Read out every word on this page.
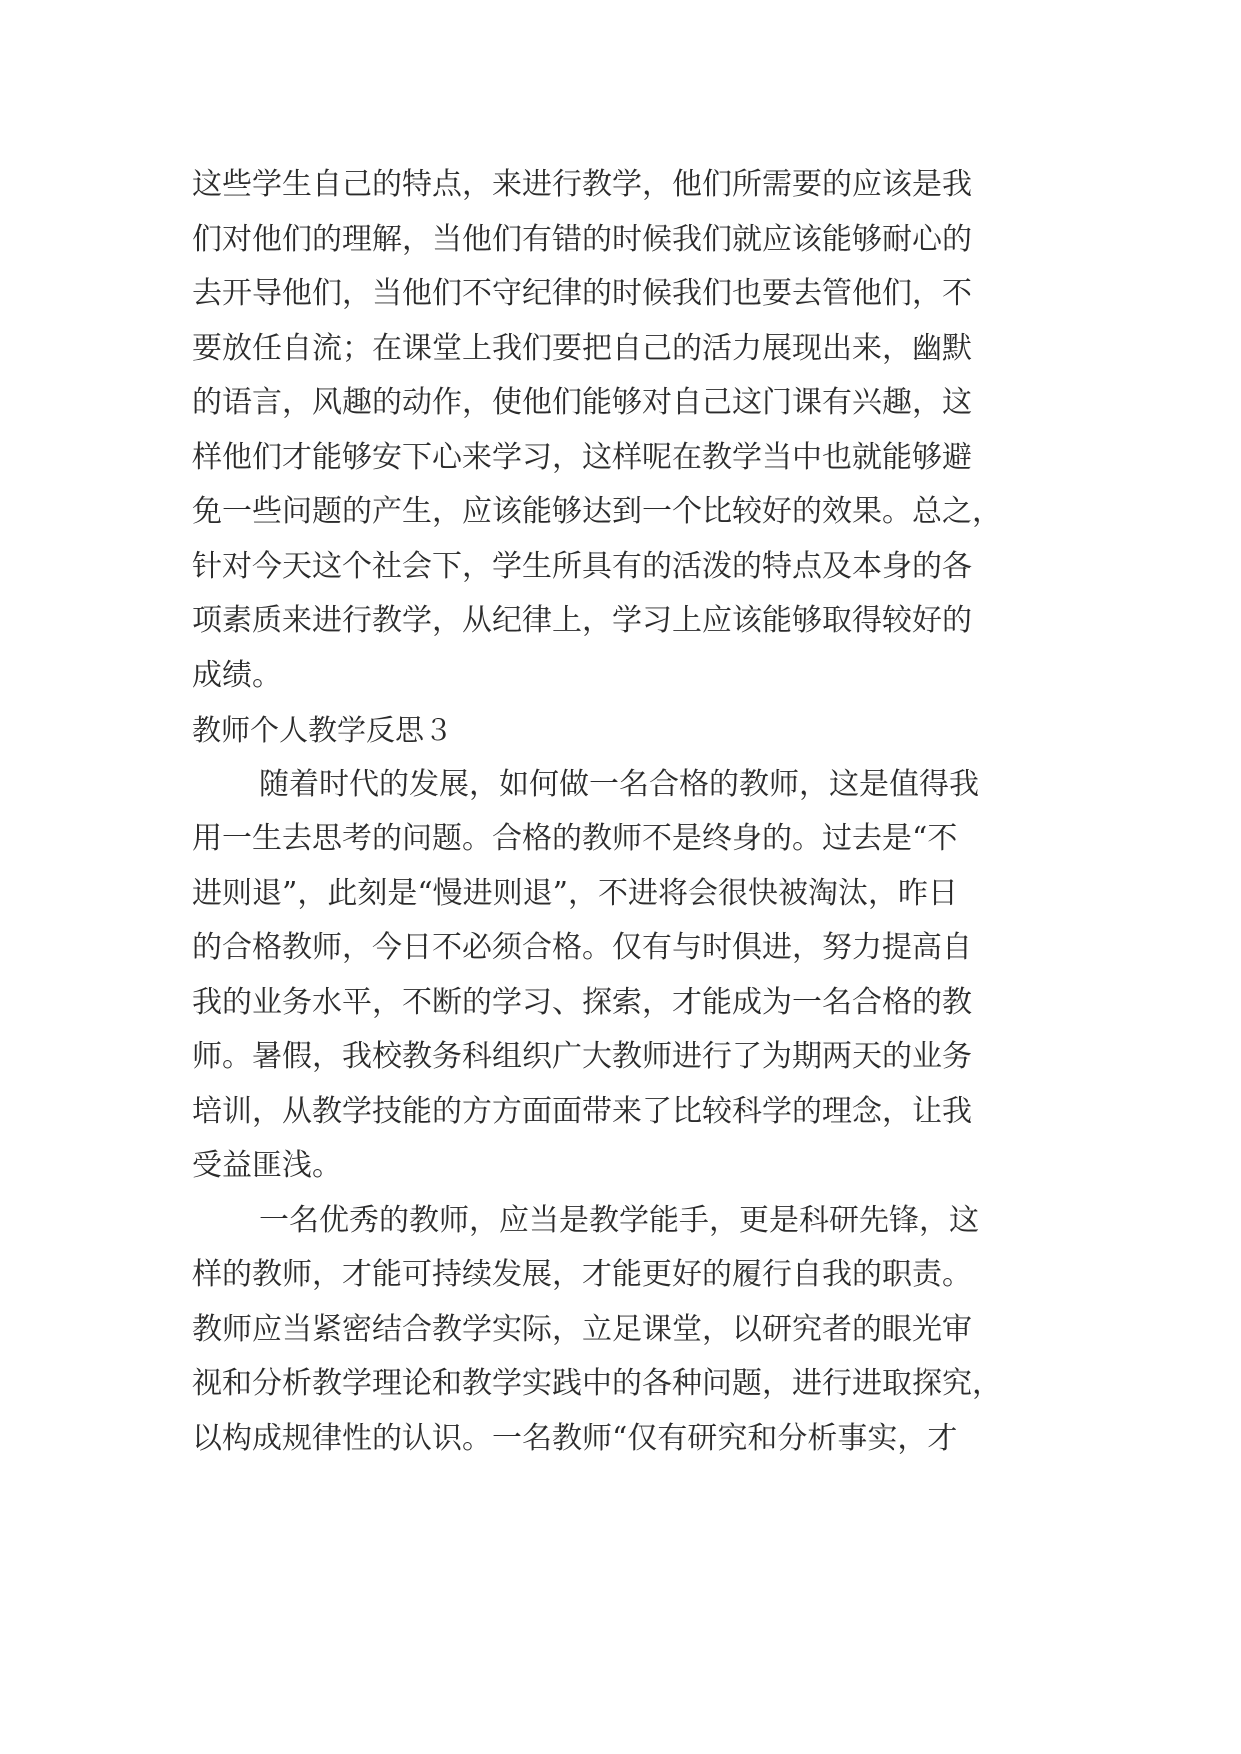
这些学生自己的特点，来进行教学，他们所需要的应该是我
们对他们的理解，当他们有错的时候我们就应该能够耐心的
去开导他们，当他们不守纪律的时候我们也要去管他们，不
要放任自流；在课堂上我们要把自己的活力展现出来，幽默
的语言，风趣的动作，使他们能够对自己这门课有兴趣，这
样他们才能够安下心来学习，这样呢在教学当中也就能够避
免一些问题的产生，应该能够达到一个比较好的效果。总之，
针对今天这个社会下，学生所具有的活泼的特点及本身的各
项素质来进行教学，从纪律上，学习上应该能够取得较好的
成绩。
教师个人教学反思３
随着时代的发展，如何做一名合格的教师，这是值得我
用一生去思考的问题。合格的教师不是终身的。过去是“不
进则退”，此刻是“慢进则退”，不进将会很快被淘汰，昨日
的合格教师，今日不必须合格。仅有与时俱进，努力提高自
我的业务水平，不断的学习、探索，才能成为一名合格的教
师。暑假，我校教务科组织广大教师进行了为期两天的业务
培训，从教学技能的方方面面带来了比较科学的理念，让我
受益匪浅。
一名优秀的教师，应当是教学能手，更是科研先锋，这
样的教师，才能可持续发展，才能更好的履行自我的职责。
教师应当紧密结合教学实际，立足课堂，以研究者的眼光审
视和分析教学理论和教学实践中的各种问题，进行进取探究，
以构成规律性的认识。一名教师“仅有研究和分析事实，才
